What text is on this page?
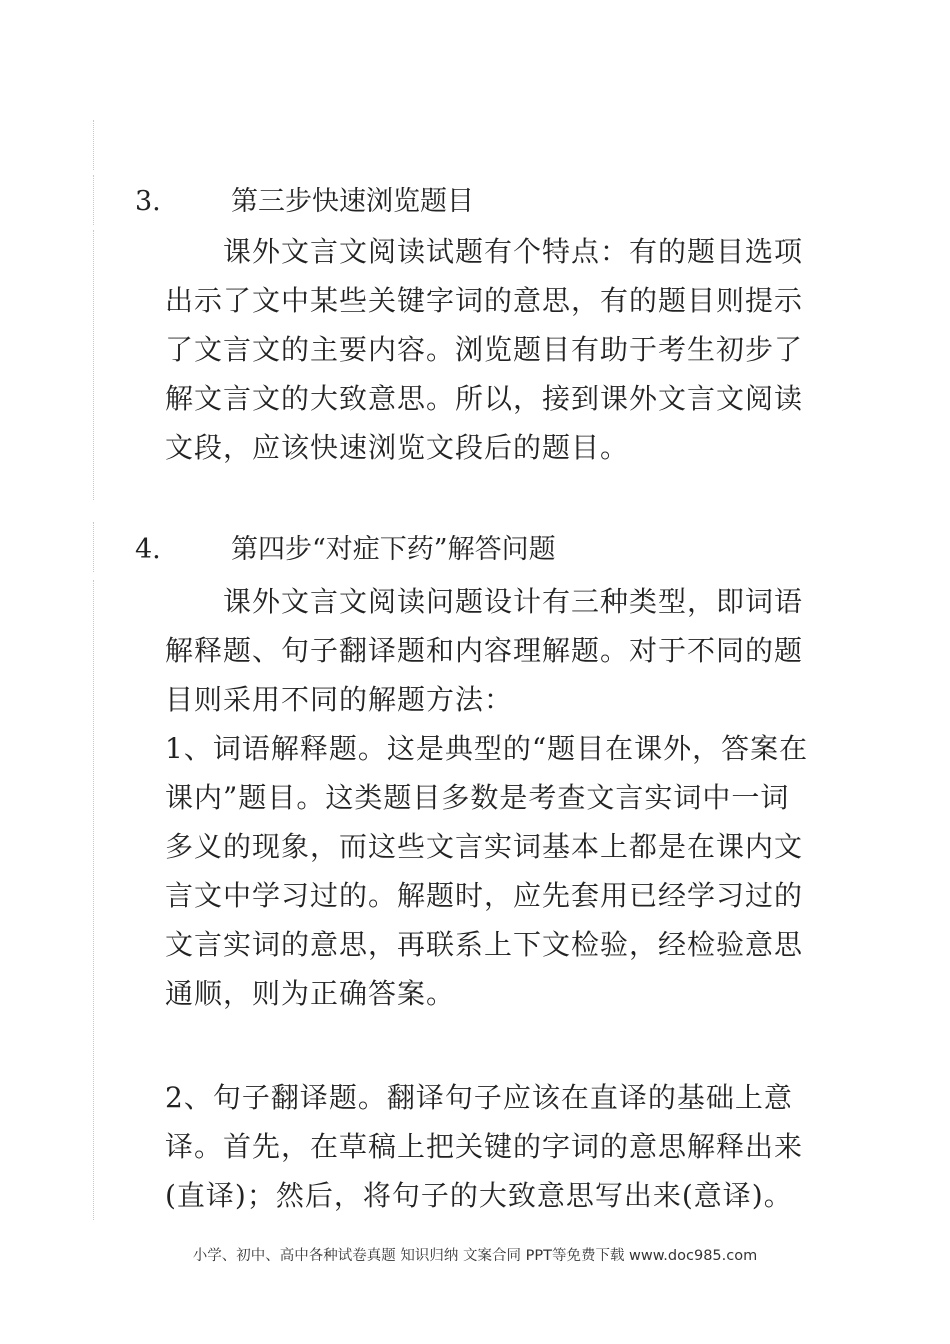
3.	第三步快速浏览题目

课外文言文阅读试题有个特点：有的题目选项出示了文中某些关键字词的意思，有的题目则提示了文言文的主要内容。浏览题目有助于考生初步了解文言文的大致意思。所以，接到课外文言文阅读文段，应该快速浏览文段后的题目。

4.	第四步“对症下药”解答问题

课外文言文阅读问题设计有三种类型，即词语解释题、句子翻译题和内容理解题。对于不同的题目则采用不同的解题方法：

1、词语解释题。这是典型的“题目在课外，答案在课内”题目。这类题目多数是考查文言实词中一词多义的现象，而这些文言实词基本上都是在课内文言文中学习过的。解题时，应先套用已经学习过的文言实词的意思，再联系上下文检验，经检验意思通顺，则为正确答案。

2、句子翻译题。翻译句子应该在直译的基础上意译。首先，在草稿上把关键的字词的意思解释出来(直译)；然后，将句子的大致意思写出来(意译)。

小学、初中、高中各种试卷真题 知识归纳 文案合同 PPT等免费下载 www.doc985.com
